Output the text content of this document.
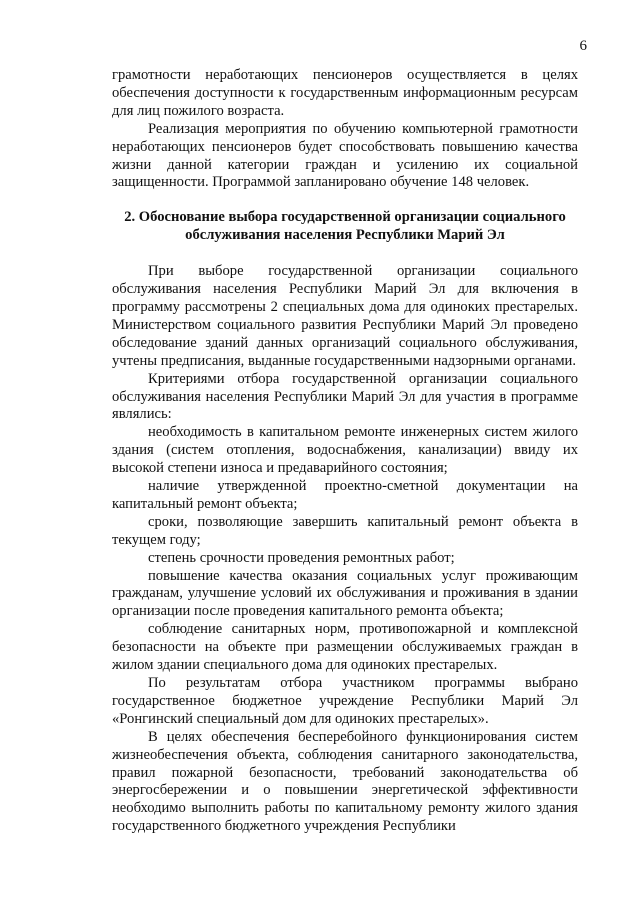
6

грамотности неработающих пенсионеров осуществляется в целях обеспечения доступности к государственным информационным ресурсам для лиц пожилого возраста.

Реализация мероприятия по обучению компьютерной грамотности неработающих пенсионеров будет способствовать повышению качества жизни данной категории граждан и усилению их социальной защищенности. Программой запланировано обучение 148 человек.

2. Обоснование выбора государственной организации социального обслуживания населения Республики Марий Эл

При выборе государственной организации социального обслуживания населения Республики Марий Эл для включения в программу рассмотрены 2 специальных дома для одиноких престарелых. Министерством социального развития Республики Марий Эл проведено обследование зданий данных организаций социального обслуживания, учтены предписания, выданные государственными надзорными органами.

Критериями отбора государственной организации социального обслуживания населения Республики Марий Эл для участия в программе являлись:

необходимость в капитальном ремонте инженерных систем жилого здания (систем отопления, водоснабжения, канализации) ввиду их высокой степени износа и предаварийного состояния;

наличие утвержденной проектно-сметной документации на капитальный ремонт объекта;

сроки, позволяющие завершить капитальный ремонт объекта в текущем году;

степень срочности проведения ремонтных работ;

повышение качества оказания социальных услуг проживающим гражданам, улучшение условий их обслуживания и проживания в здании организации после проведения капитального ремонта объекта;

соблюдение санитарных норм, противопожарной и комплексной безопасности на объекте при размещении обслуживаемых граждан в жилом здании специального дома для одиноких престарелых.

По результатам отбора участником программы выбрано государственное бюджетное учреждение Республики Марий Эл «Ронгинский специальный дом для одиноких престарелых».

В целях обеспечения бесперебойного функционирования систем жизнеобеспечения объекта, соблюдения санитарного законодательства, правил пожарной безопасности, требований законодательства об энергосбережении и о повышении энергетической эффективности необходимо выполнить работы по капитальному ремонту жилого здания государственного бюджетного учреждения Республики
